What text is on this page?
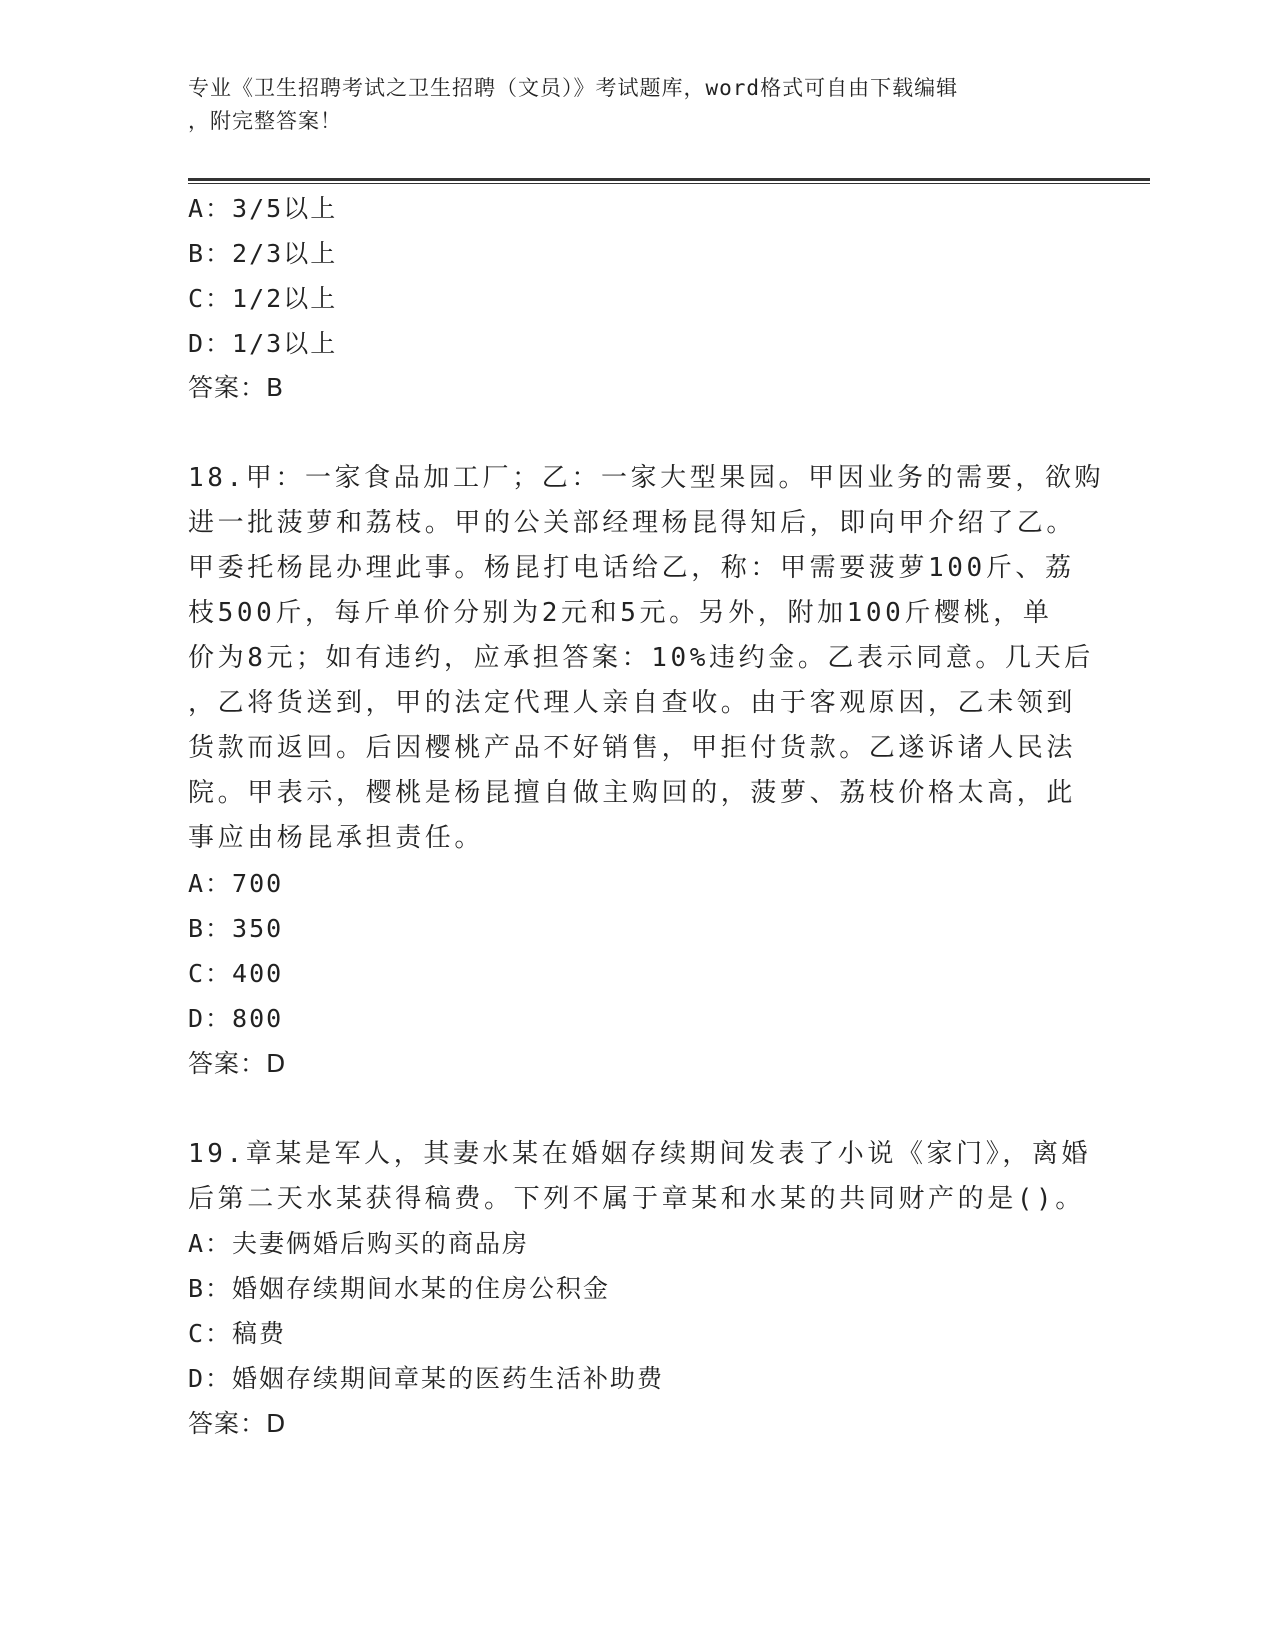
专业《卫生招聘考试之卫生招聘（文员）》考试题库，word格式可自由下载编辑
，附完整答案！
A：3/5以上
B：2/3以上
C：1/2以上
D：1/3以上
答案：B
18.甲：一家食品加工厂；乙：一家大型果园。甲因业务的需要，欲购
进一批菠萝和荔枝。甲的公关部经理杨昆得知后，即向甲介绍了乙。
甲委托杨昆办理此事。杨昆打电话给乙，称：甲需要菠萝100斤、荔
枝500斤，每斤单价分别为2元和5元。另外，附加100斤樱桃，单
价为8元；如有违约，应承担答案：10%违约金。乙表示同意。几天后
，乙将货送到，甲的法定代理人亲自查收。由于客观原因，乙未领到
货款而返回。后因樱桃产品不好销售，甲拒付货款。乙遂诉诸人民法
院。甲表示，樱桃是杨昆擅自做主购回的，菠萝、荔枝价格太高，此
事应由杨昆承担责任。
A：700
B：350
C：400
D：800
答案：D
19.章某是军人，其妻水某在婚姻存续期间发表了小说《家门》，离婚
后第二天水某获得稿费。下列不属于章某和水某的共同财产的是()。
A：夫妻俩婚后购买的商品房
B：婚姻存续期间水某的住房公积金
C：稿费
D：婚姻存续期间章某的医药生活补助费
答案：D
